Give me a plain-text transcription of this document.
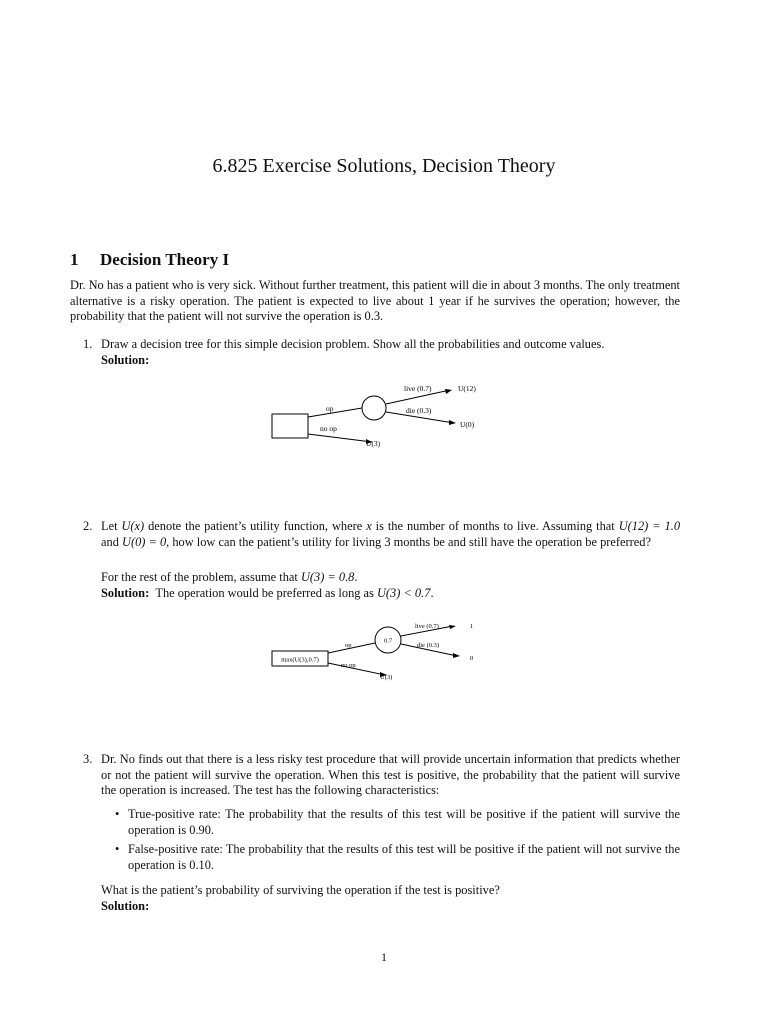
6.825 Exercise Solutions, Decision Theory
1 Decision Theory I
Dr. No has a patient who is very sick. Without further treatment, this patient will die in about 3 months. The only treatment alternative is a risky operation. The patient is expected to live about 1 year if he survives the operation; however, the probability that the patient will not survive the operation is 0.3.
1. Draw a decision tree for this simple decision problem. Show all the probabilities and outcome values.
Solution:
op
no op
live (0.7)
die (0.3)
U(12)
U(0)
U(3)
2. Let U(x) denote the patient’s utility function, where x is the number of months to live. Assuming that U(12) = 1.0 and U(0) = 0, how low can the patient’s utility for living 3 months be and still have the operation be preferred?
For the rest of the problem, assume that U(3) = 0.8.
Solution: The operation would be preferred as long as U(3) < 0.7.
max(U(3),0.7)
0.7
op
no op
live (0.7)
die (0.3)
1
0
U(3)
3. Dr. No finds out that there is a less risky test procedure that will provide uncertain information that predicts whether or not the patient will survive the operation. When this test is positive, the probability that the patient will survive the operation is increased. The test has the following characteristics:
• True-positive rate: The probability that the results of this test will be positive if the patient will survive the operation is 0.90.
• False-positive rate: The probability that the results of this test will be positive if the patient will not survive the operation is 0.10.
What is the patient’s probability of surviving the operation if the test is positive?
Solution:
1
